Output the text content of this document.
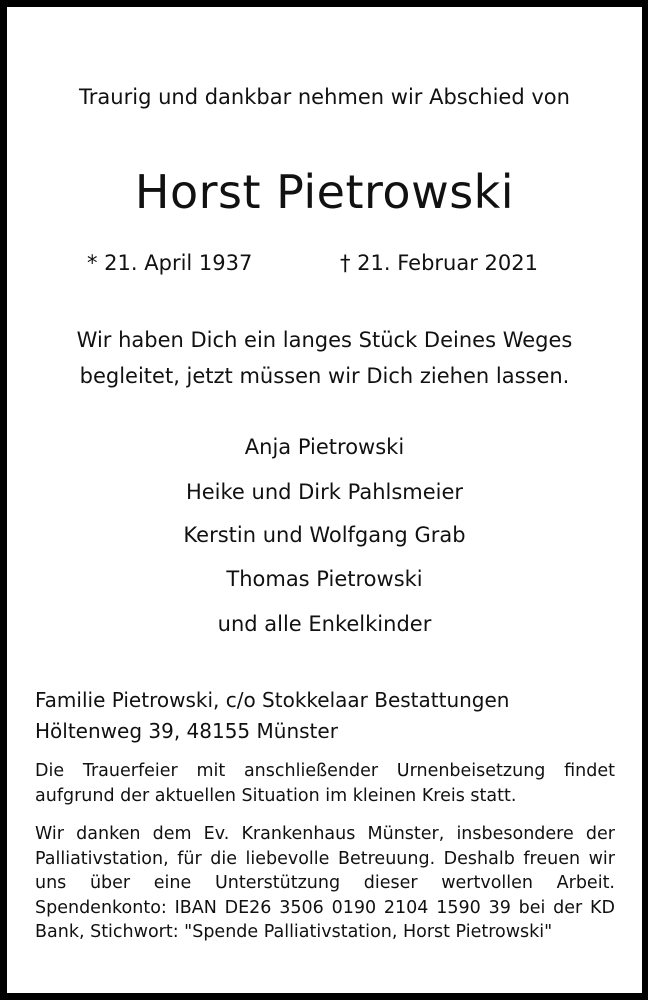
Traurig und dankbar nehmen wir Abschied von
Horst Pietrowski
* 21. April 1937	† 21. Februar 2021
Wir haben Dich ein langes Stück Deines Weges
begleitet, jetzt müssen wir Dich ziehen lassen.
Anja Pietrowski
Heike und Dirk Pahlsmeier
Kerstin und Wolfgang Grab
Thomas Pietrowski
und alle Enkelkinder
Familie Pietrowski, c/o Stokkelaar Bestattungen
Höltenweg 39, 48155 Münster
Die Trauerfeier mit anschließender Urnenbeisetzung findet aufgrund der aktuellen Situation im kleinen Kreis statt.
Wir danken dem Ev. Krankenhaus Münster, insbesondere der Palliativstation, für die liebevolle Betreuung. Deshalb freuen wir uns über eine Unterstützung dieser wertvollen Arbeit. Spendenkonto: IBAN DE26 3506 0190 2104 1590 39 bei der KD Bank, Stichwort: "Spende Palliativstation, Horst Pietrowski"
